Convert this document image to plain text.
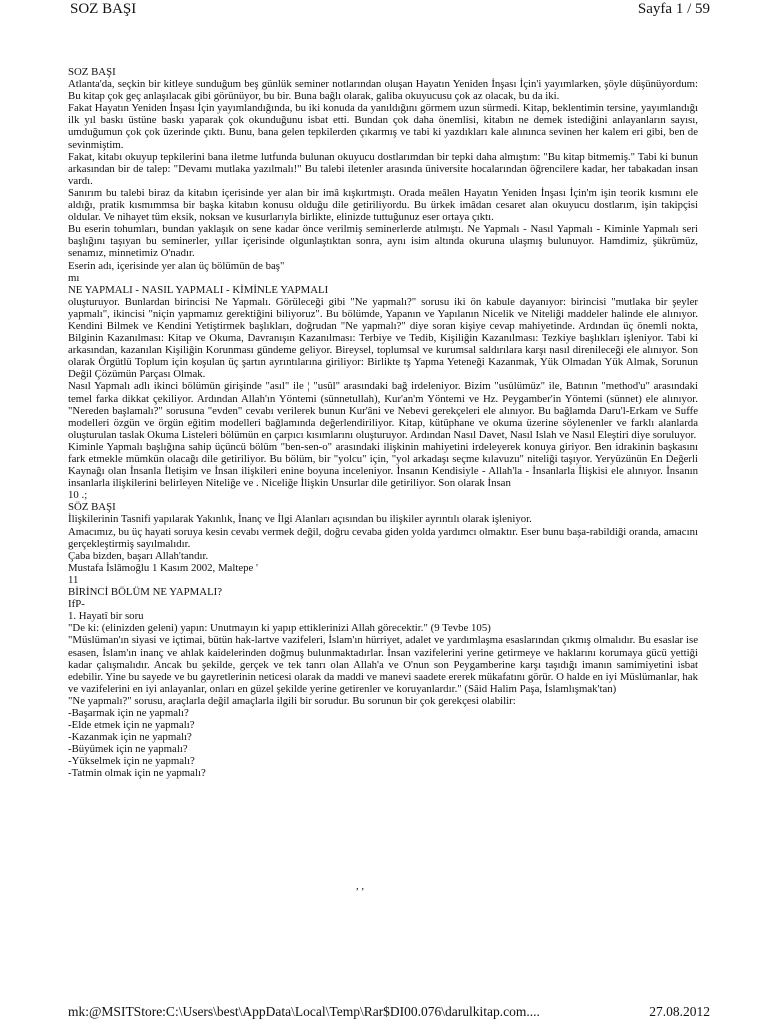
SOZ BAŞI	Sayfa 1 / 59

SOZ BAŞI

Atlanta'da, seçkin bir kitleye sunduğum beş günlük seminer notlarından oluşan Hayatın Yeniden İnşası İçin'i yayımlarken, şöyle düşünüyordum: Bu kitap çok geç anlaşılacak gibi görünüyor, bu bir. Buna bağlı olarak, galiba okuyucusu çok az olacak, bu da iki.

Fakat Hayatın Yeniden İnşası İçin yayımlandığında, bu iki konuda da yanıldığını görmem uzun sürmedi. Kitap, beklentimin tersine, yayımlandığı ilk yıl baskı üstüne baskı yaparak çok okunduğunu isbat etti. Bundan çok daha önemlisi, kitabın ne demek istediğini anlayanların sayısı, umduğumun çok çok üzerinde çıktı. Bunu, bana gelen tepkilerden çıkarmış ve tabi ki yazdıkları kale alınınca sevinen her kalem eri gibi, ben de sevinmiştim.

Fakat, kitabı okuyup tepkilerini bana iletme lutfunda bulunan okuyucu dostlarımdan bir tepki daha almıştım: "Bu kitap bitmemiş." Tabi ki bunun arkasından bir de talep: "Devamı mutlaka yazılmalı!" Bu talebi iletenler arasında üniversite hocalarından öğrencilere kadar, her tabakadan insan vardı.

Sanırım bu talebi biraz da kitabın içerisinde yer alan bir imâ kışkırtmıştı. Orada meâlen Hayatın Yeniden İnşası İçin'm işin teorik kısmını ele aldığı, pratik kısmımmsa bir başka kitabın konusu olduğu dile getiriliyordu. Bu ürkek imâdan cesaret alan okuyucu dostlarım, işin takipçisi oldular. Ve nihayet tüm eksik, noksan ve kusurlarıyla birlikte, elinizde tuttuğunuz eser ortaya çıktı.

Bu eserin tohumları, bundan yaklaşık on sene kadar önce verilmiş seminerlerde atılmıştı. Ne Yapmalı - Nasıl Yapmalı - Kiminle Yapmalı seri başlığını taşıyan bu seminerler, yıllar içerisinde olgunlaştıktan sonra, aynı isim altında okuruna ulaşmış bulunuyor. Hamdimiz, şükrümüz, senamız, minnetimiz O'nadır.

Eserin adı, içerisinde yer alan üç bölümün de baş"

mı

NE YAPMALI - NASIL YAPMALI - KİMİNLE YAPMALI

oluşturuyor. Bunlardan birincisi Ne Yapmalı. Görüleceği gibi "Ne yapmalı?" sorusu iki ön kabule dayanıyor: birincisi "mutlaka bir şeyler yapmalı", ikincisi "niçin yapmamız gerektiğini biliyoruz". Bu bölümde, Yapanın ve Yapılanın Nicelik ve Niteliği maddeler halinde ele alınıyor. Kendini Bilmek ve Kendini Yetiştirmek başlıkları, doğrudan "Ne yapmalı?" diye soran kişiye cevap mahiyetinde. Ardından üç önemli nokta, Bilginin Kazanılması: Kitap ve Okuma, Davranışın Kazanılması: Terbiye ve Tedib, Kişiliğin Kazanılması: Tezkiye başlıkları işleniyor. Tabi ki arkasından, kazanılan Kişiliğin Korunması gündeme geliyor. Bireysel, toplumsal ve kurumsal saldırılara karşı nasıl direnileceği ele alınıyor. Son olarak Örgütlü Toplum için koşulan üç şartın ayrıntılarına giriliyor: Birlikte tş Yapma Yeteneği Kazanmak, Yük Olmadan Yük Almak, Sorunun Değil Çözümün Parçası Olmak.

Nasıl Yapmalı adlı ikinci bölümün girişinde "asıl" ile ¦ "usûl" arasındaki bağ irdeleniyor. Bizim "usûlümüz" ile, Batının "method'u" arasındaki temel farka dikkat çekiliyor. Ardından Allah'ın Yöntemi (sünnetullah), Kur'an'm Yöntemi ve Hz. Peygamber'in Yöntemi (sünnet) ele alınıyor. "Nereden başlamalı?" sorusuna "evden" cevabı verilerek bunun Kur'âni ve Nebevi gerekçeleri ele alınıyor. Bu bağlamda Daru'l-Erkam ve Suffe modelleri özgün ve örgün eğitim modelleri bağlamında değerlendiriliyor. Kitap, kütüphane ve okuma üzerine söylenenler ve farklı alanlarda oluşturulan taslak Okuma Listeleri bölümün en çarpıcı kısımlarını oluşturuyor. Ardından Nasıl Davet, Nasıl Islah ve Nasıl Eleştiri diye soruluyor.

Kiminle Yapmalı başlığına sahip üçüncü bölüm "ben-sen-o" arasındaki ilişkinin mahiyetini irdeleyerek konuya giriyor. Ben idrakinin başkasını fark etmekle mümkün olacağı dile getiriliyor. Bu bölüm, bir "yolcu" için, "yol arkadaşı seçme kılavuzu" niteliği taşıyor. Yeryüzünün En Değerli Kaynağı olan İnsanla İletişim ve İnsan ilişkileri enine boyuna inceleniyor. İnsanın Kendisiyle - Allah'la - İnsanlarla İlişkisi ele alınıyor. İnsanın insanlarla ilişkilerini belirleyen Niteliğe ve . Niceliğe İlişkin Unsurlar dile getiriliyor. Son olarak İnsan

10 .;

SÖZ BAŞI

İlişkilerinin Tasnifi yapılarak Yakınlık, İnanç ve İlgi Alanları açısından bu ilişkiler ayrıntılı olarak işleniyor.

Amacımız, bu üç hayati soruya kesin cevabı vermek değil, doğru cevaba giden yolda yardımcı olmaktır. Eser bunu başa-rabildiği oranda, amacını gerçekleştirmiş sayılmalıdır.

Çaba bizden, başarı Allah'tandır.

Mustafa İslâmoğlu 1 Kasım 2002, Maltepe '

11

BİRİNCİ BÖLÜM NE YAPMALI?

IfP-

1. Hayatî bir soru

"De ki: (elinizden geleni) yapın: Unutmayın ki yapıp ettiklerinizi Allah görecektir." (9 Tevbe 105)

"Müslüman'ın siyasi ve içtimai, bütün hak-lartve vazifeleri, İslam'ın hürriyet, adalet ve yardımlaşma esaslarından çıkmış olmalıdır. Bu esaslar ise esasen, İslam'ın inanç ve ahlak kaidelerinden doğmuş bulunmaktadırlar. İnsan vazifelerini yerine getirmeye ve haklarını korumaya gücü yettiği kadar çalışmalıdır. Ancak bu şekilde, gerçek ve tek tanrı olan Allah'a ve O'nun son Peygamberine karşı taşıdığı imanın samimiyetini isbat edebilir. Yine bu sayede ve bu gayretlerinin neticesi olarak da maddi ve manevi saadete ererek mükafatını görür. O halde en iyi Müslümanlar, hak ve vazifelerini en iyi anlayanlar, onları en güzel şekilde yerine getirenler ve koruyanlardır." (Sâid Halim Paşa, İslamlışmak'tan)

"Ne yapmalı?" sorusu, araçlarla değil amaçlarla ilgili bir sorudur. Bu sorunun bir çok gerekçesi olabilir:

-Başarmak için ne yapmalı?

-Elde etmek için ne yapmalı?

-Kazanmak için ne yapmalı?

-Büyümek için ne yapmalı?

-Yükselmek için ne yapmalı?

-Tatmin olmak için ne yapmalı?

, ,
mk:@MSITStore:C:\Users\best\AppData\Local\Temp\Rar$DI00.076\darulkitap.com....	27.08.2012
